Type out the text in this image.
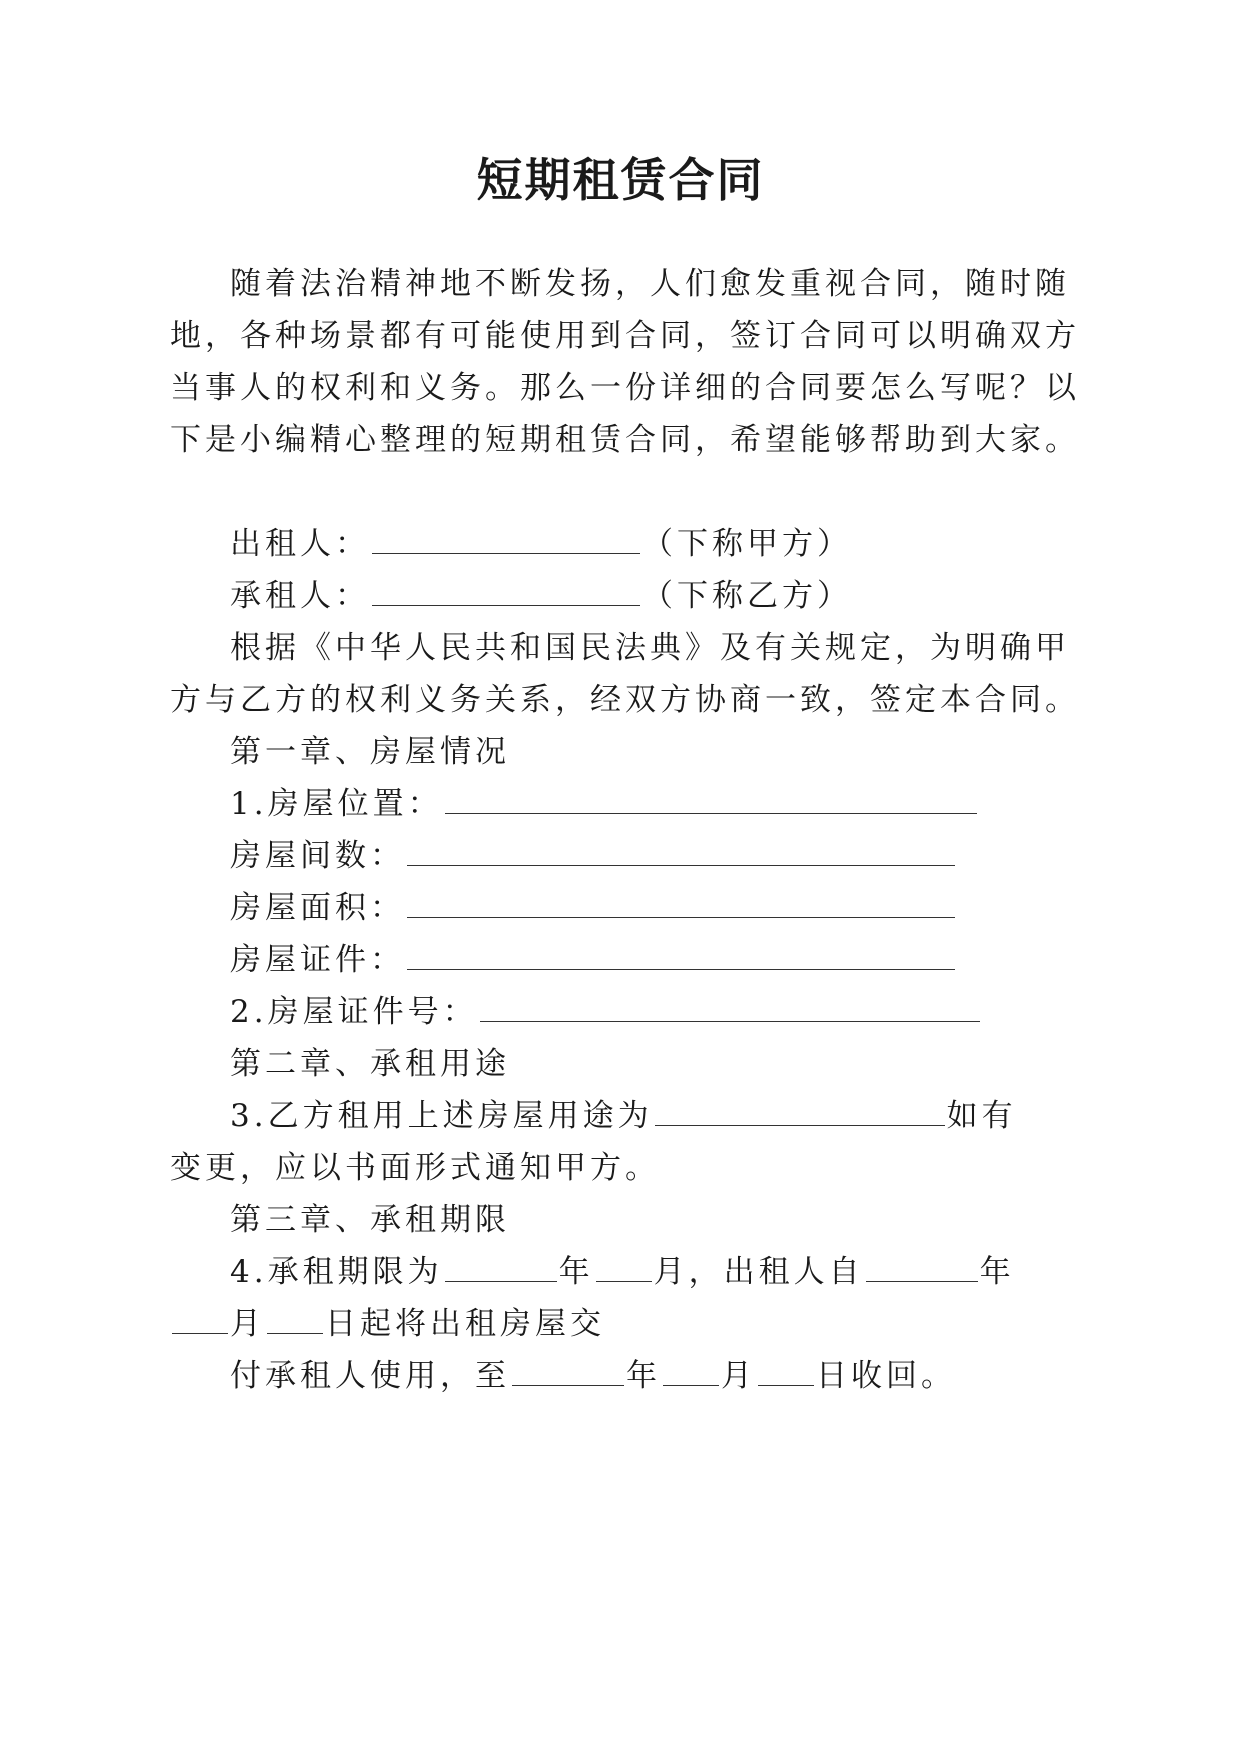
短期租赁合同
随着法治精神地不断发扬，人们愈发重视合同，随时随
地，各种场景都有可能使用到合同，签订合同可以明确双方
当事人的权利和义务。那么一份详细的合同要怎么写呢？以
下是小编精心整理的短期租赁合同，希望能够帮助到大家。
出租人：	（下称甲方）
承租人：	（下称乙方）
根据《中华人民共和国民法典》及有关规定，为明确甲
方与乙方的权利义务关系，经双方协商一致，签定本合同。
第一章、房屋情况
1.房屋位置：
房屋间数：
房屋面积：
房屋证件：
2.房屋证件号：
第二章、承租用途
3.乙方租用上述房屋用途为	如有
变更，应以书面形式通知甲方。
第三章、承租期限
4.承租期限为	年 月，出租人自	年
月 日起将出租房屋交
付承租人使用，至	年 月 日收回。
